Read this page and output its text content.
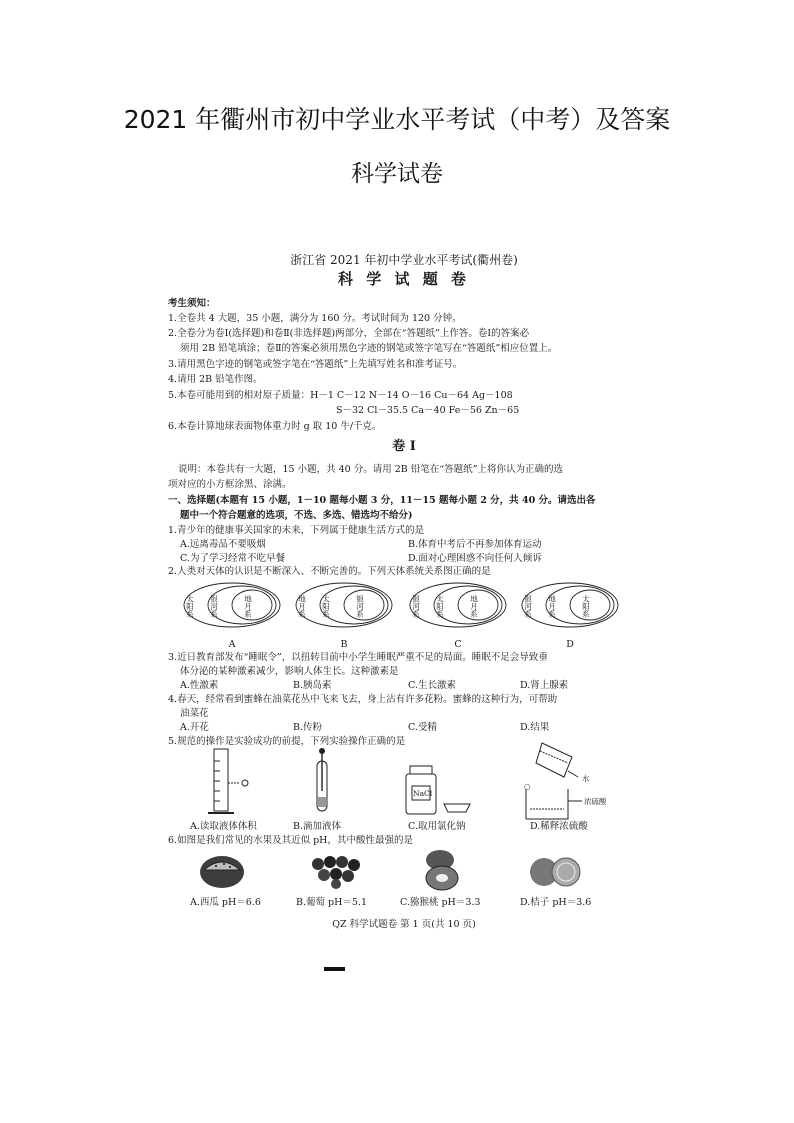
2021 年衢州市初中学业水平考试（中考）及答案
科学试卷
浙江省 2021 年初中学业水平考试(衢州卷)
科 学 试 题 卷
考生须知：
1.全卷共 4 大题，35 小题，满分为 160 分。考试时间为 120 分钟。
2.全卷分为卷Ⅰ(选择题)和卷Ⅱ(非选择题)两部分，全部在“答题纸”上作答。卷Ⅰ的答案必
须用 2B 铅笔填涂；卷Ⅱ的答案必须用黑色字迹的钢笔或签字笔写在“答题纸”相应位置上。
3.请用黑色字迹的钢笔或签字笔在“答题纸”上先填写姓名和准考证号。
4.请用 2B 铅笔作图。
5.本卷可能用到的相对原子质量：H－1 C－12 N－14 O－16 Cu－64 Ag－108
S－32 Cl－35.5 Ca－40 Fe－56 Zn－65
6.本卷计算地球表面物体重力时 g 取 10 牛/千克。
卷 Ⅰ
说明：本卷共有一大题，15 小题，共 40 分。请用 2B 铅笔在“答题纸”上将你认为正确的选
项对应的小方框涂黑、涂满。
一、选择题(本题有 15 小题，1－10 题每小题 3 分，11－15 题每小题 2 分，共 40 分。请选出各
题中一个符合题意的选项，不选、多选、错选均不给分)
1.青少年的健康事关国家的未来，下列属于健康生活方式的是
A.远离毒品不要吸烟	B.体育中考后不再参加体育运动
C.为了学习经常不吃早餐	D.面对心理困惑不向任何人倾诉
2.人类对天体的认识是不断深入、不断完善的。下列天体系统关系图正确的是
太阳系 银河系	地月系
A
地月系 太阳系	银河系
B
银河系 太阳系	地月系
C
银河系 地月系	太阳系
D
3.近日教育部发布“睡眠令”，以扭转目前中小学生睡眠严重不足的局面。睡眠不足会导致垂
体分泌的某种激素减少，影响人体生长。这种激素是
A.性激素	B.胰岛素	C.生长激素	D.肾上腺素
4.春天，经常看到蜜蜂在油菜花丛中飞来飞去，身上沾有许多花粉。蜜蜂的这种行为，可帮助
油菜花
A.开花	B.传粉	C.受精	D.结果
5.规范的操作是实验成功的前提，下列实验操作正确的是
NaCl
水
○
浓硫酸
A.读取液体体积	B.滴加液体	C.取用氯化钠	D.稀释浓硫酸
6.如图是我们常见的水果及其近似 pH，其中酸性最强的是
A.西瓜 pH＝6.6	B.葡萄 pH＝5.1	C.猕猴桃 pH＝3.3	D.桔子 pH＝3.6
QZ 科学试题卷 第 1 页(共 10 页)
